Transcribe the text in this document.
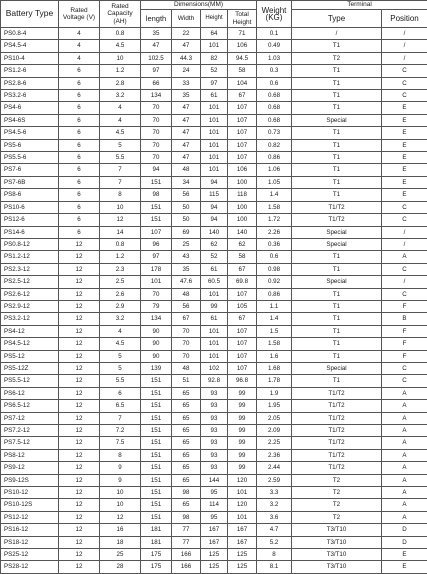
Battery Type	Rated Voltage (V)	Rated Capacity (AH)	Dimensions(MM)				Weight (KG)	Terminal	
			length	Width	Height	Total Height		Type	Position
PS0.8-4	4	0.8	35	22	64	71	0.1	/	/
PS4.5-4	4	4.5	47	47	101	106	0.49	T1	/
PS10-4	4	10	102.5	44.3	82	94.5	1.03	T2	/
PS1.2-6	6	1.2	97	24	52	58	0.3	T1	C
PS2.8-6	6	2.8	66	33	97	104	0.6	T1	C
PS3.2-6	6	3.2	134	35	61	67	0.68	T1	C
PS4-6	6	4	70	47	101	107	0.68	T1	E
PS4-6S	6	4	70	47	101	107	0.68	Special	E
PS4.5-6	6	4.5	70	47	101	107	0.73	T1	E
PS5-6	6	5	70	47	101	107	0.82	T1	E
PS5.5-6	6	5.5	70	47	101	107	0.86	T1	E
PS7-6	6	7	94	48	101	106	1.06	T1	E
PS7-6B	6	7	151	34	94	100	1.05	T1	E
PS8-6	6	8	98	56	115	118	1.4	T1	E
PS10-6	6	10	151	50	94	100	1.58	T1/T2	C
PS12-6	6	12	151	50	94	100	1.72	T1/T2	C
PS14-6	6	14	107	69	140	140	2.26	Special	/
PS0.8-12	12	0.8	96	25	62	62	0.36	Special	/
PS1.2-12	12	1.2	97	43	52	58	0.6	T1	A
PS2.3-12	12	2.3	178	35	61	67	0.98	T1	C
PS2.5-12	12	2.5	101	47.6	60.5	69.8	0.92	Special	/
PS2.6-12	12	2.6	70	48	101	107	0.86	T1	C
PS2.9-12	12	2.9	79	56	99	105	1.1	T1	F
PS3.2-12	12	3.2	134	67	61	67	1.4	T1	B
PS4-12	12	4	90	70	101	107	1.5	T1	F
PS4.5-12	12	4.5	90	70	101	107	1.58	T1	F
PS5-12	12	5	90	70	101	107	1.6	T1	F
PS5-12Z	12	5	139	48	102	107	1.68	Special	C
PS5.5-12	12	5.5	151	51	92.8	96.8	1.78	T1	C
PS6-12	12	6	151	65	93	99	1.9	T1/T2	A
PS6.5-12	12	6.5	151	65	93	99	1.95	T1/T2	A
PS7-12	12	7	151	65	93	99	2.05	T1/T2	A
PS7.2-12	12	7.2	151	65	93	99	2.09	T1/T2	A
PS7.5-12	12	7.5	151	65	93	99	2.25	T1/T2	A
PS8-12	12	8	151	65	93	99	2.36	T1/T2	A
PS9-12	12	9	151	65	93	99	2.44	T1/T2	A
PS9-12S	12	9	151	65	144	120	2.59	T2	A
PS10-12	12	10	151	98	95	101	3.3	T2	A
PS10-12S	12	10	151	65	114	120	3.2	T2	A
PS12-12	12	12	151	98	95	101	3.6	T2	A
PS16-12	12	16	181	77	167	167	4.7	T3/T10	D
PS18-12	12	18	181	77	167	167	5.2	T3/T10	D
PS25-12	12	25	175	166	125	125	8	T3/T10	E
PS28-12	12	28	175	166	125	125	8.1	T3/T10	E
